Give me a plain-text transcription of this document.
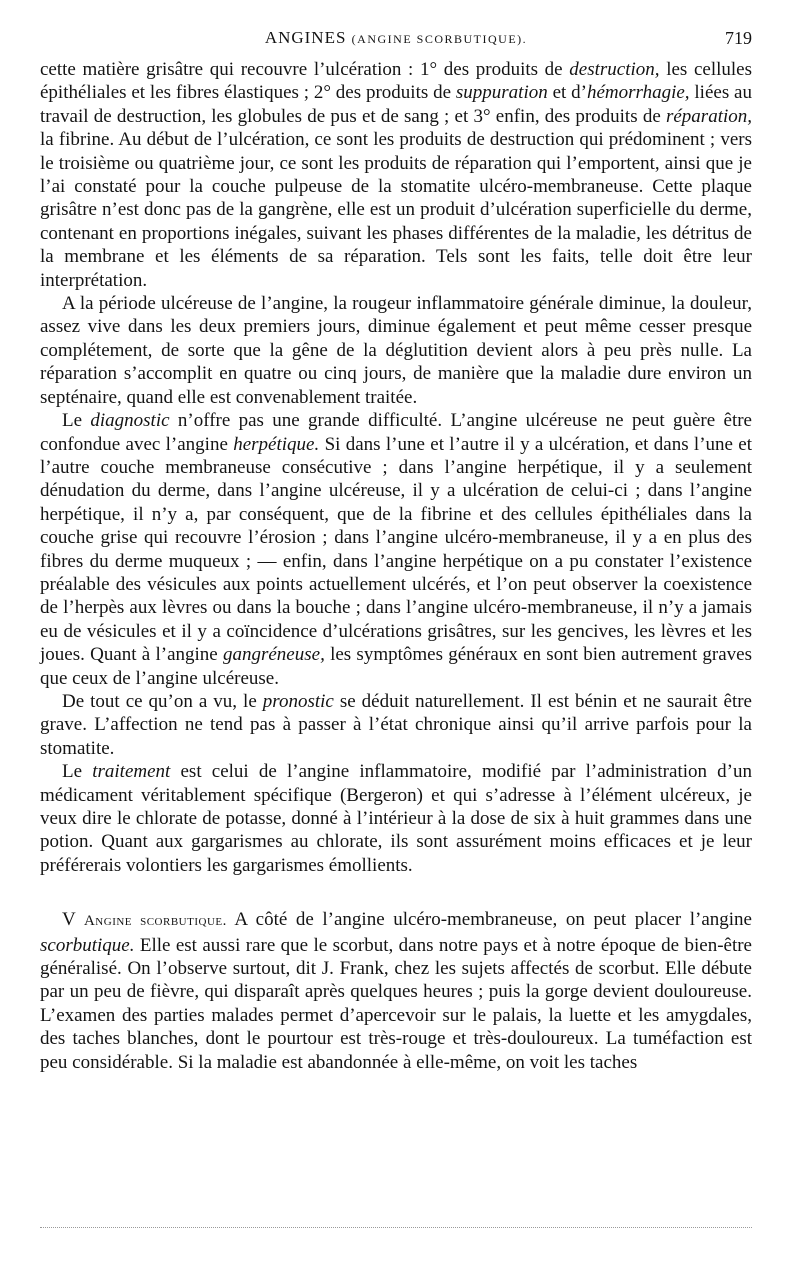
ANGINES (ANGINE SCORBUTIQUE).	719

cette matière grisâtre qui recouvre l’ulcération : 1° des produits de destruction, les cellules épithéliales et les fibres élastiques ; 2° des produits de suppuration et d’hémorrhagie, liées au travail de destruction, les globules de pus et de sang ; et 3° enfin, des produits de réparation, la fibrine. Au début de l’ulcération, ce sont les produits de destruction qui prédominent ; vers le troisième ou quatrième jour, ce sont les produits de réparation qui l’emportent, ainsi que je l’ai constaté pour la couche pulpeuse de la stomatite ulcéro-membraneuse. Cette plaque grisâtre n’est donc pas de la gangrène, elle est un produit d’ulcération superficielle du derme, contenant en proportions inégales, suivant les phases différentes de la maladie, les détritus de la membrane et les éléments de sa réparation. Tels sont les faits, telle doit être leur interprétation.

A la période ulcéreuse de l’angine, la rougeur inflammatoire générale diminue, la douleur, assez vive dans les deux premiers jours, diminue également et peut même cesser presque complétement, de sorte que la gêne de la déglutition devient alors à peu près nulle. La réparation s’accomplit en quatre ou cinq jours, de manière que la maladie dure environ un septénaire, quand elle est convenablement traitée.

Le diagnostic n’offre pas une grande difficulté. L’angine ulcéreuse ne peut guère être confondue avec l’angine herpétique. Si dans l’une et l’autre il y a ulcération, et dans l’une et l’autre couche membraneuse consécutive ; dans l’angine herpétique, il y a seulement dénudation du derme, dans l’angine ulcéreuse, il y a ulcération de celui-ci ; dans l’angine herpétique, il n’y a, par conséquent, que de la fibrine et des cellules épithéliales dans la couche grise qui recouvre l’érosion ; dans l’angine ulcéro-membraneuse, il y a en plus des fibres du derme muqueux ; — enfin, dans l’angine herpétique on a pu constater l’existence préalable des vésicules aux points actuellement ulcérés, et l’on peut observer la coexistence de l’herpès aux lèvres ou dans la bouche ; dans l’angine ulcéro-membraneuse, il n’y a jamais eu de vésicules et il y a coïncidence d’ulcérations grisâtres, sur les gencives, les lèvres et les joues. Quant à l’angine gangréneuse, les symptômes généraux en sont bien autrement graves que ceux de l’angine ulcéreuse.

De tout ce qu’on a vu, le pronostic se déduit naturellement. Il est bénin et ne saurait être grave. L’affection ne tend pas à passer à l’état chronique ainsi qu’il arrive parfois pour la stomatite.

Le traitement est celui de l’angine inflammatoire, modifié par l’administration d’un médicament véritablement spécifique (Bergeron) et qui s’adresse à l’élément ulcéreux, je veux dire le chlorate de potasse, donné à l’intérieur à la dose de six à huit grammes dans une potion. Quant aux gargarismes au chlorate, ils sont assurément moins efficaces et je leur préférerais volontiers les gargarismes émollients.

V Angine scorbutique. A côté de l’angine ulcéro-membraneuse, on peut placer l’angine scorbutique. Elle est aussi rare que le scorbut, dans notre pays et à notre époque de bien-être généralisé. On l’observe surtout, dit J. Frank, chez les sujets affectés de scorbut. Elle débute par un peu de fièvre, qui disparaît après quelques heures ; puis la gorge devient douloureuse. L’examen des parties malades permet d’apercevoir sur le palais, la luette et les amygdales, des taches blanches, dont le pourtour est très-rouge et très-douloureux. La tuméfaction est peu considérable. Si la maladie est abandonnée à elle-même, on voit les taches
